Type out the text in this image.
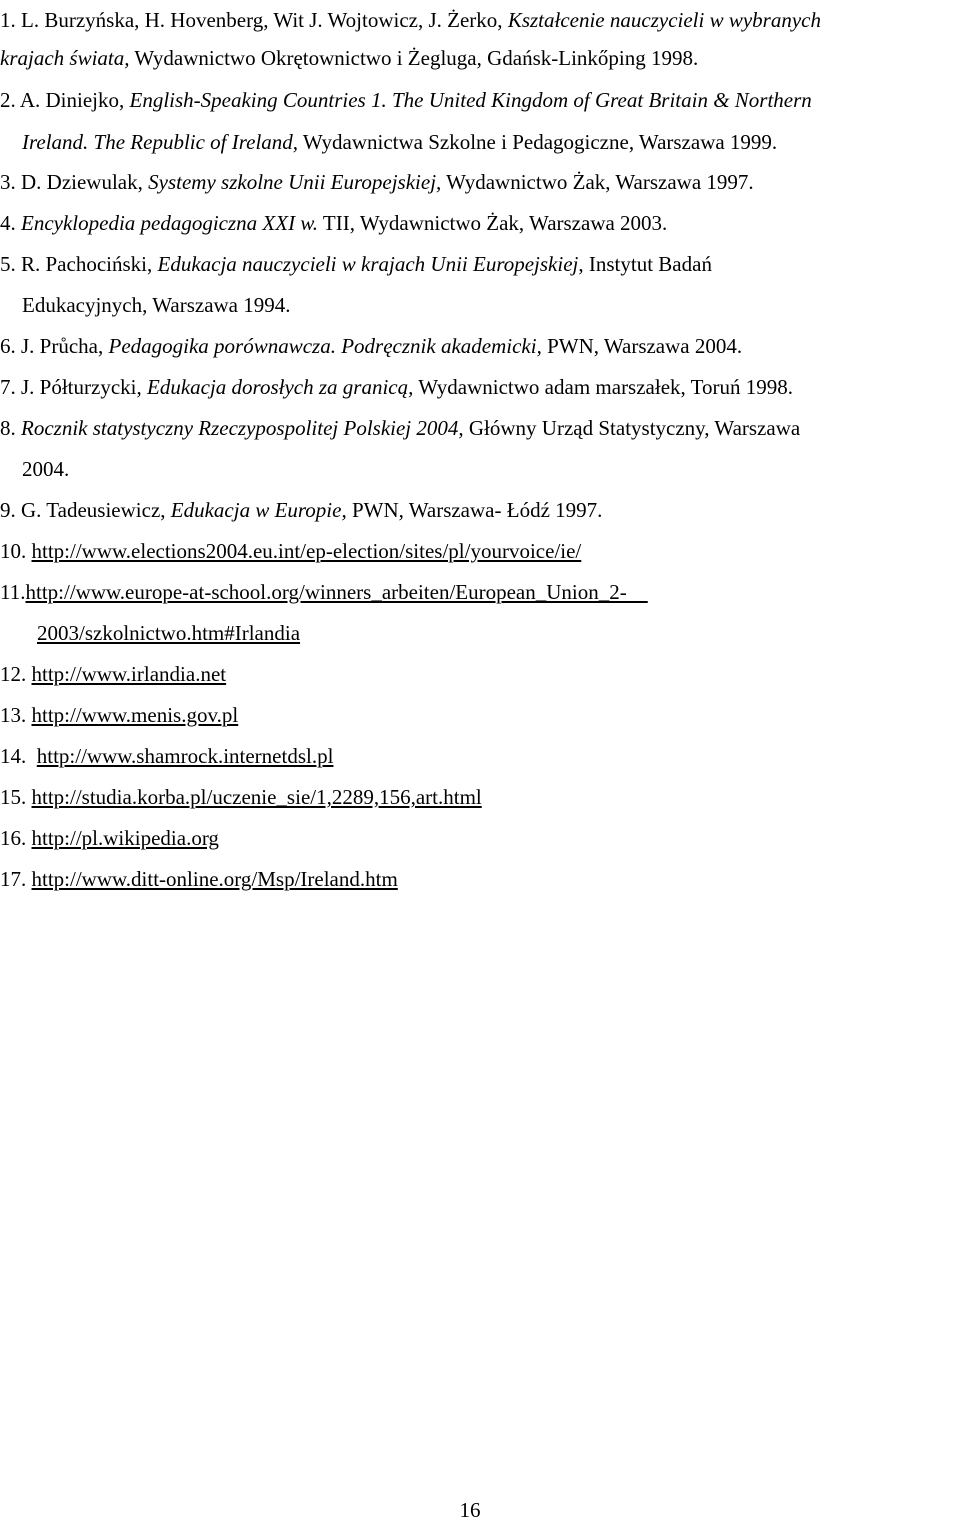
1. L. Burzyńska, H. Hovenberg, Wit J. Wojtowicz, J. Żerko, Kształcenie nauczycieli w wybranych
krajach świata, Wydawnictwo Okrętownictwo i Żegluga, Gdańsk-Linkőping 1998.
2. A. Diniejko, English-Speaking Countries 1. The United Kingdom of Great Britain & Northern
Ireland. The Republic of Ireland, Wydawnictwa Szkolne i Pedagogiczne, Warszawa 1999.
3. D. Dziewulak, Systemy szkolne Unii Europejskiej, Wydawnictwo Żak, Warszawa 1997.
4. Encyklopedia pedagogiczna XXI w. TII, Wydawnictwo Żak, Warszawa 2003.
5. R. Pachociński, Edukacja nauczycieli w krajach Unii Europejskiej, Instytut Badań
Edukacyjnych, Warszawa 1994.
6. J. Průcha, Pedagogika porównawcza. Podręcznik akademicki, PWN, Warszawa 2004.
7. J. Półturzycki, Edukacja dorosłych za granicą, Wydawnictwo adam marszałek, Toruń 1998.
8. Rocznik statystyczny Rzeczypospolitej Polskiej 2004, Główny Urząd Statystyczny, Warszawa
2004.
9. G. Tadeusiewicz, Edukacja w Europie, PWN, Warszawa- Łódź 1997.
10. http://www.elections2004.eu.int/ep-election/sites/pl/yourvoice/ie/
11.http://www.europe-at-school.org/winners_arbeiten/European_Union_2-
2003/szkolnictwo.htm#Irlandia
12. http://www.irlandia.net
13. http://www.menis.gov.pl
14. http://www.shamrock.internetdsl.pl
15. http://studia.korba.pl/uczenie_sie/1,2289,156,art.html
16. http://pl.wikipedia.org
17. http://www.ditt-online.org/Msp/Ireland.htm
16
